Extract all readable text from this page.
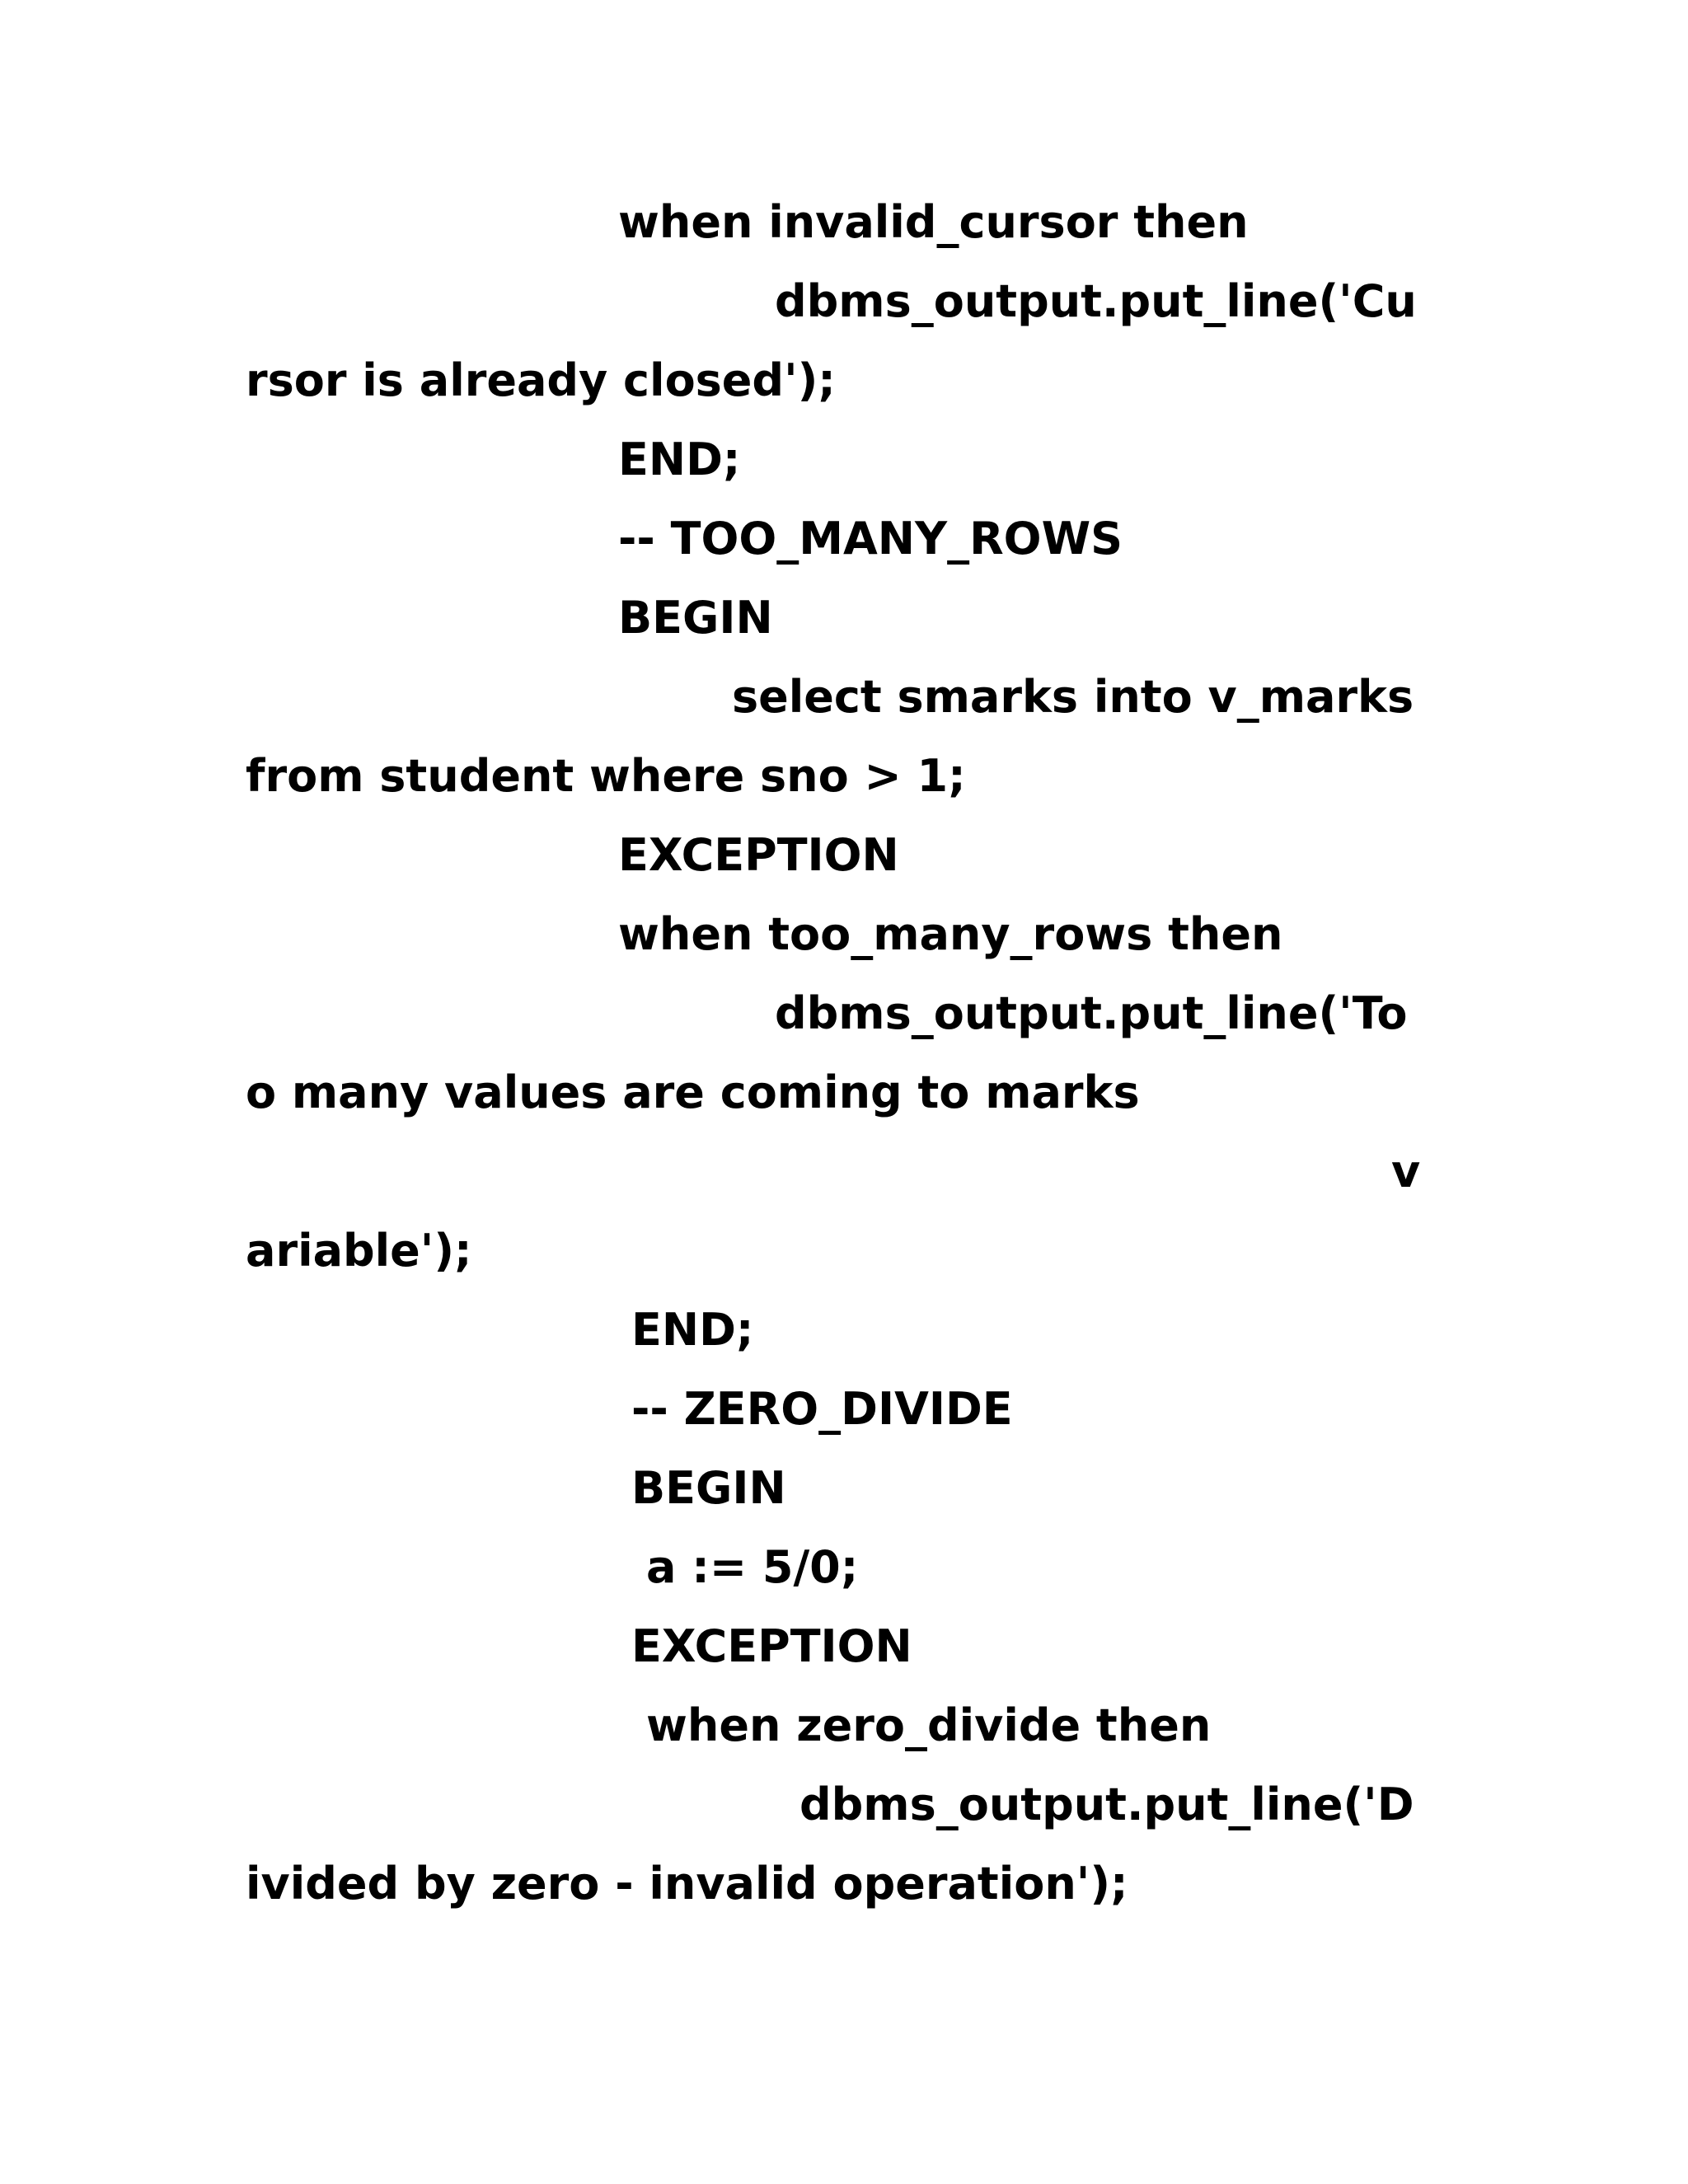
when invalid_cursor then
dbms_output.put_line('Cu
rsor is already closed');
END;
-- TOO_MANY_ROWS
BEGIN
select smarks into v_marks
from student where sno > 1;
EXCEPTION
when too_many_rows then
dbms_output.put_line('To
o many values are coming to marks
v
ariable');
END;
-- ZERO_DIVIDE
BEGIN
a := 5/0;
EXCEPTION
when zero_divide then
dbms_output.put_line('D
ivided by zero - invalid operation');
